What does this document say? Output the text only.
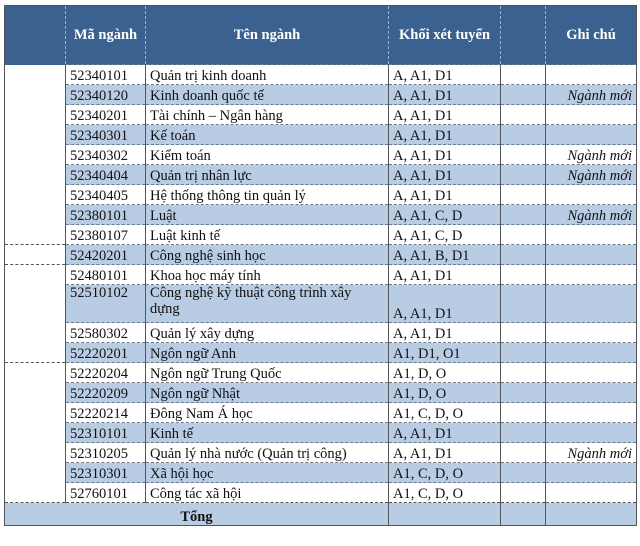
	Mã ngành	Tên ngành	Khối xét tuyển		Ghi chú
	52340101	Quản trị kinh doanh	A, A1, D1		
	52340120	Kinh doanh quốc tế	A, A1, D1		Ngành mới
	52340201	Tài chính – Ngân hàng	A, A1, D1		
	52340301	Kế toán	A, A1, D1		
	52340302	Kiểm toán	A, A1, D1		Ngành mới
	52340404	Quản trị nhân lực	A, A1, D1		Ngành mới
	52340405	Hệ thống thông tin quản lý	A, A1, D1		
	52380101	Luật	A, A1, C, D		Ngành mới
	52380107	Luật kinh tế	A, A1, C, D		
	52420201	Công nghệ sinh học	A, A1, B, D1		
	52480101	Khoa học máy tính	A, A1, D1		
	52510102	Công nghệ kỹ thuật công trình xây dựng	A, A1, D1		
	52580302	Quản lý xây dựng	A, A1, D1		
	52220201	Ngôn ngữ Anh	A1, D1, O1		
	52220204	Ngôn ngữ Trung Quốc	A1, D, O		
	52220209	Ngôn ngữ Nhật	A1, D, O		
	52220214	Đông Nam Á học	A1, C, D, O		
	52310101	Kinh tế	A, A1, D1		
	52310205	Quản lý nhà nước (Quản trị công)	A, A1, D1		Ngành mới
	52310301	Xã hội học	A1, C, D, O		
	52760101	Công tác xã hội	A1, C, D, O		
Tổng					
